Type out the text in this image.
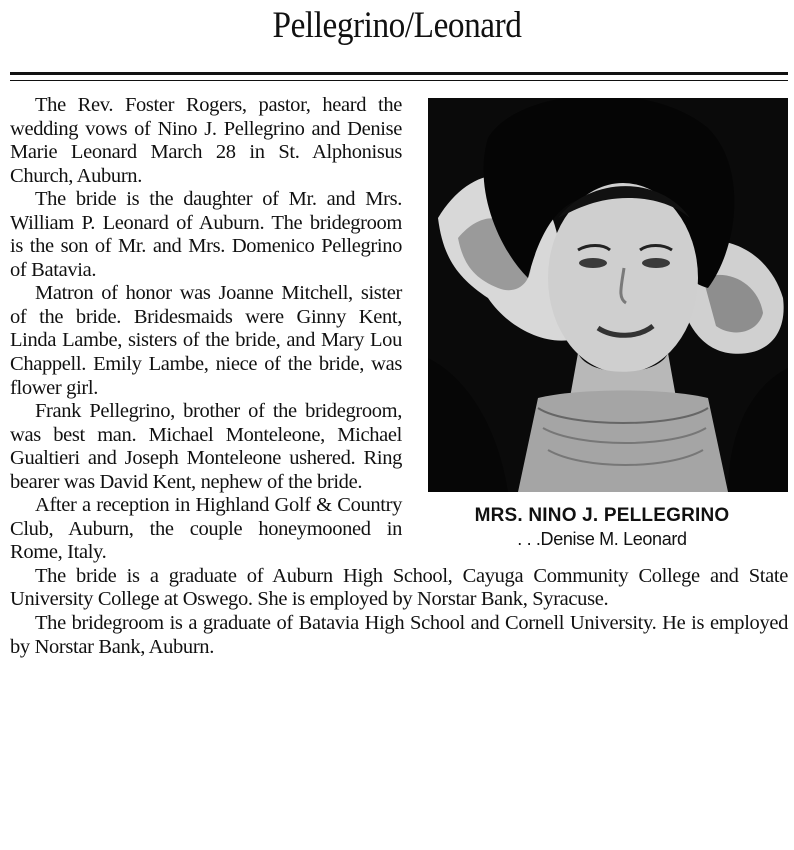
Pellegrino/Leonard
MRS. NINO J. PELLEGRINO
. . .Denise M. Leonard

The Rev. Foster Rogers, pastor, heard the wedding vows of Nino J. Pellegrino and Denise Marie Leonard March 28 in St. Alphonisus Church, Auburn.

The bride is the daughter of Mr. and Mrs. William P. Leonard of Auburn. The bridegroom is the son of Mr. and Mrs. Domenico Pellegrino of Batavia.

Matron of honor was Joanne Mitchell, sister of the bride. Bridesmaids were Ginny Kent, Linda Lambe, sisters of the bride, and Mary Lou Chappell. Emily Lambe, niece of the bride, was flower girl.

Frank Pellegrino, brother of the bridegroom, was best man. Michael Monteleone, Michael Gualtieri and Joseph Monteleone ushered. Ring bearer was David Kent, nephew of the bride.

After a reception in Highland Golf & Country Club, Auburn, the couple honeymooned in Rome, Italy.

The bride is a graduate of Auburn High School, Cayuga Community College and State University College at Oswego. She is employed by Norstar Bank, Syracuse.

The bridegroom is a graduate of Batavia High School and Cornell University. He is employed by Norstar Bank, Auburn.
